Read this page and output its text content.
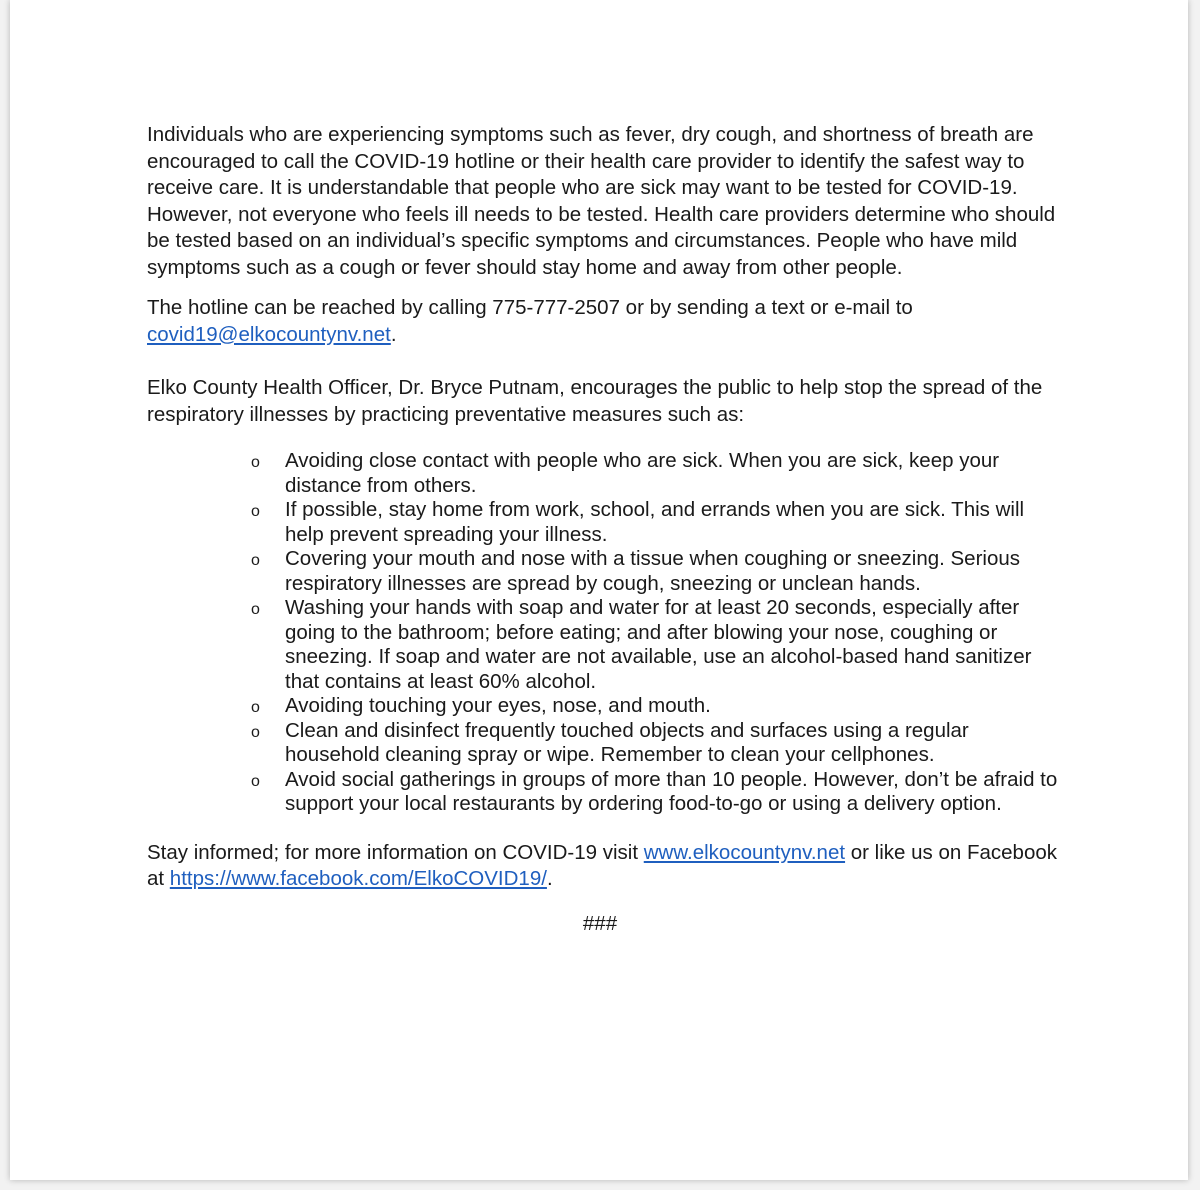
Individuals who are experiencing symptoms such as fever, dry cough, and shortness of breath are encouraged to call the COVID-19 hotline or their health care provider to identify the safest way to receive care. It is understandable that people who are sick may want to be tested for COVID-19. However, not everyone who feels ill needs to be tested. Health care providers determine who should be tested based on an individual’s specific symptoms and circumstances. People who have mild symptoms such as a cough or fever should stay home and away from other people.

The hotline can be reached by calling 775-777-2507 or by sending a text or e-mail to covid19@elkocountynv.net.

Elko County Health Officer, Dr. Bryce Putnam, encourages the public to help stop the spread of the respiratory illnesses by practicing preventative measures such as:

o Avoiding close contact with people who are sick. When you are sick, keep your distance from others.
o If possible, stay home from work, school, and errands when you are sick. This will help prevent spreading your illness.
o Covering your mouth and nose with a tissue when coughing or sneezing. Serious respiratory illnesses are spread by cough, sneezing or unclean hands.
o Washing your hands with soap and water for at least 20 seconds, especially after going to the bathroom; before eating; and after blowing your nose, coughing or sneezing. If soap and water are not available, use an alcohol-based hand sanitizer that contains at least 60% alcohol.
o Avoiding touching your eyes, nose, and mouth.
o Clean and disinfect frequently touched objects and surfaces using a regular household cleaning spray or wipe. Remember to clean your cellphones.
o Avoid social gatherings in groups of more than 10 people. However, don’t be afraid to support your local restaurants by ordering food-to-go or using a delivery option.

Stay informed; for more information on COVID-19 visit www.elkocountynv.net or like us on Facebook at https://www.facebook.com/ElkoCOVID19/.

###
